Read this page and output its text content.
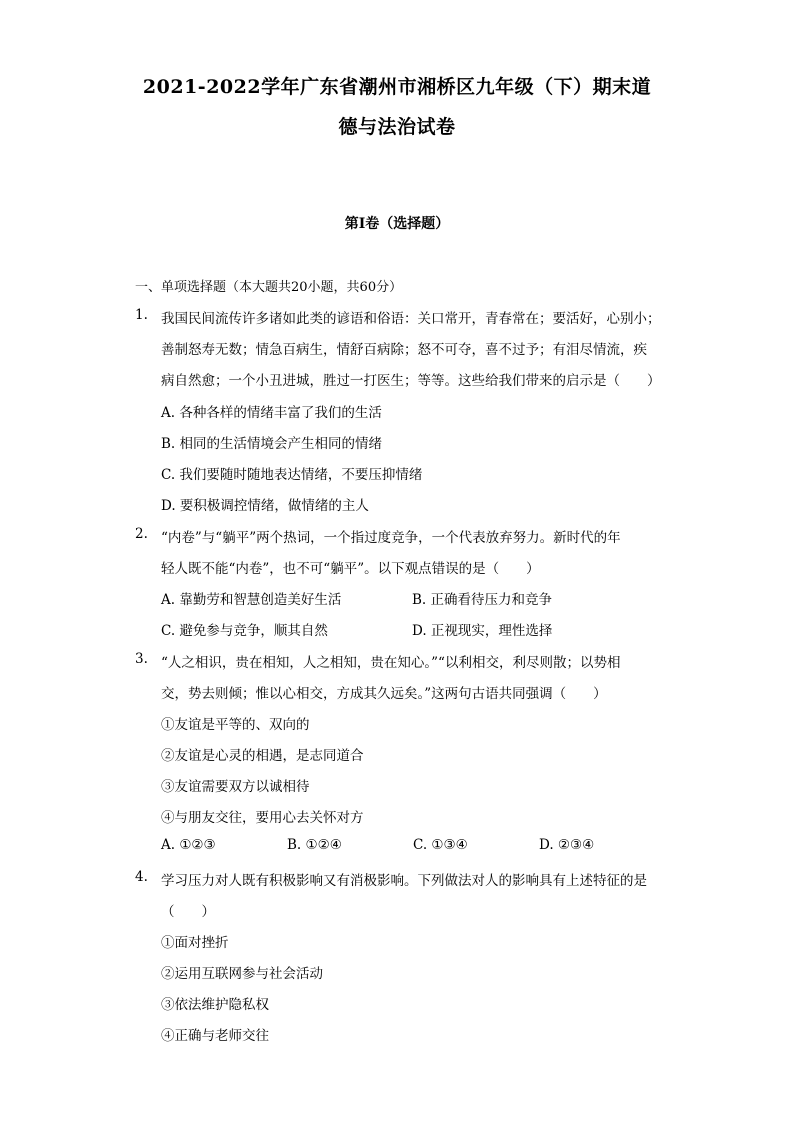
2021-2022学年广东省潮州市湘桥区九年级（下）期末道
德与法治试卷
第I卷（选择题）
一、单项选择题（本大题共20小题，共60分）
1. 我国民间流传许多诸如此类的谚语和俗语：关口常开，青春常在；要活好，心别小；
善制怒寿无数；情急百病生，情舒百病除；怒不可夺，喜不过予；有泪尽情流，疾
病自然愈；一个小丑进城，胜过一打医生；等等。这些给我们带来的启示是（　　）
A. 各种各样的情绪丰富了我们的生活
B. 相同的生活情境会产生相同的情绪
C. 我们要随时随地表达情绪，不要压抑情绪
D. 要积极调控情绪，做情绪的主人
2. “内卷”与“躺平”两个热词，一个指过度竞争，一个代表放弃努力。新时代的年
轻人既不能“内卷”，也不可“躺平”。以下观点错误的是（　　）
A. 靠勤劳和智慧创造美好生活	B. 正确看待压力和竞争
C. 避免参与竞争，顺其自然	D. 正视现实，理性选择
3. “人之相识，贵在相知，人之相知，贵在知心。”“以利相交，利尽则散；以势相
交，势去则倾；惟以心相交，方成其久远矣。”这两句古语共同强调（　　）
①友谊是平等的、双向的
②友谊是心灵的相遇，是志同道合
③友谊需要双方以诚相待
④与朋友交往，要用心去关怀对方
A. ①②③	B. ①②④	C. ①③④	D. ②③④
4. 学习压力对人既有积极影响又有消极影响。下列做法对人的影响具有上述特征的是
（　　）
①面对挫折
②运用互联网参与社会活动
③依法维护隐私权
④正确与老师交往
